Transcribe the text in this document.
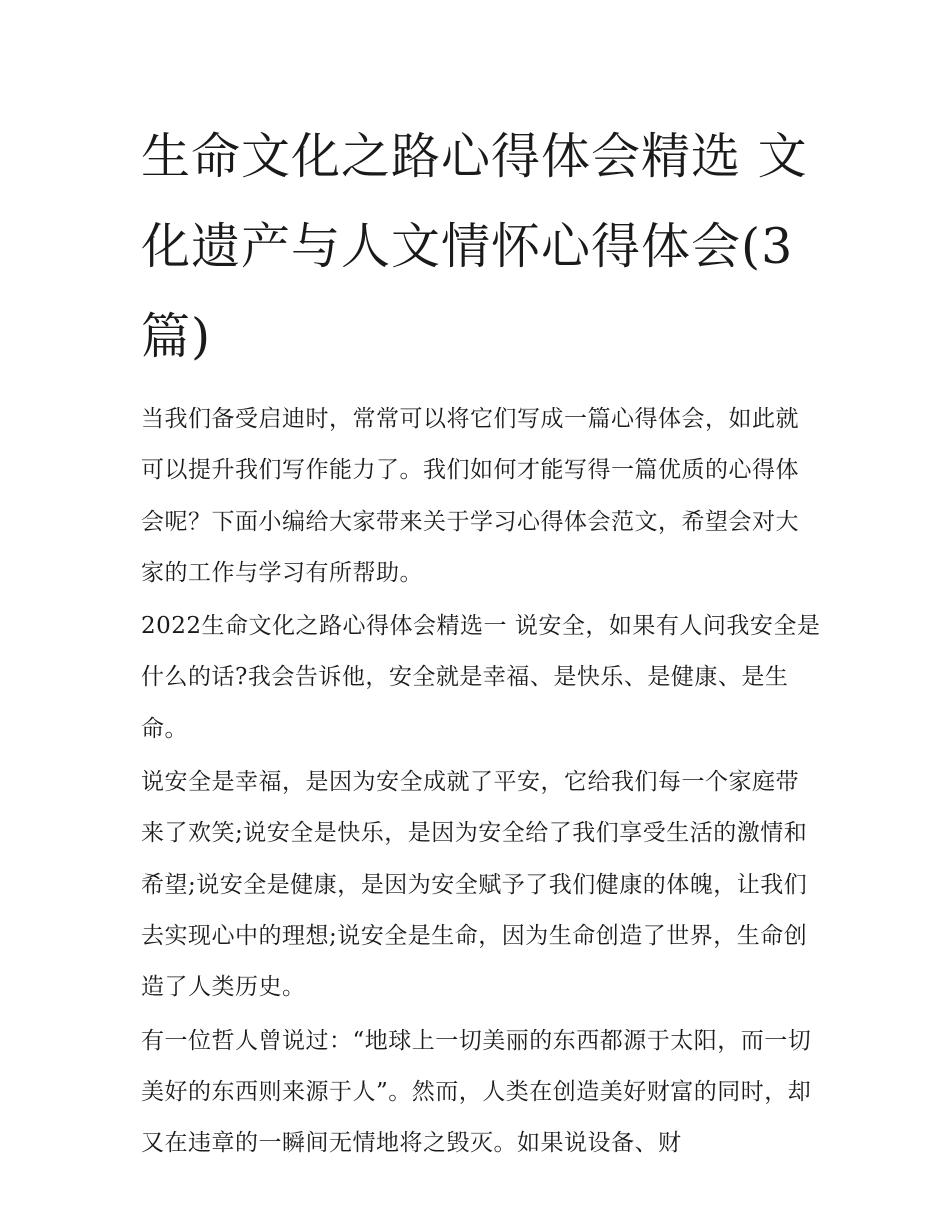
生命文化之路心得体会精选 文化遗产与人文情怀心得体会(3篇)

当我们备受启迪时，常常可以将它们写成一篇心得体会，如此就可以提升我们写作能力了。我们如何才能写得一篇优质的心得体会呢？下面小编给大家带来关于学习心得体会范文，希望会对大家的工作与学习有所帮助。

2022生命文化之路心得体会精选一 说安全，如果有人问我安全是什么的话?我会告诉他，安全就是幸福、是快乐、是健康、是生命。

说安全是幸福，是因为安全成就了平安，它给我们每一个家庭带来了欢笑;说安全是快乐，是因为安全给了我们享受生活的激情和希望;说安全是健康，是因为安全赋予了我们健康的体魄，让我们去实现心中的理想;说安全是生命，因为生命创造了世界，生命创造了人类历史。

有一位哲人曾说过：“地球上一切美丽的东西都源于太阳，而一切美好的东西则来源于人”。然而，人类在创造美好财富的同时，却又在违章的一瞬间无情地将之毁灭。如果说设备、财
